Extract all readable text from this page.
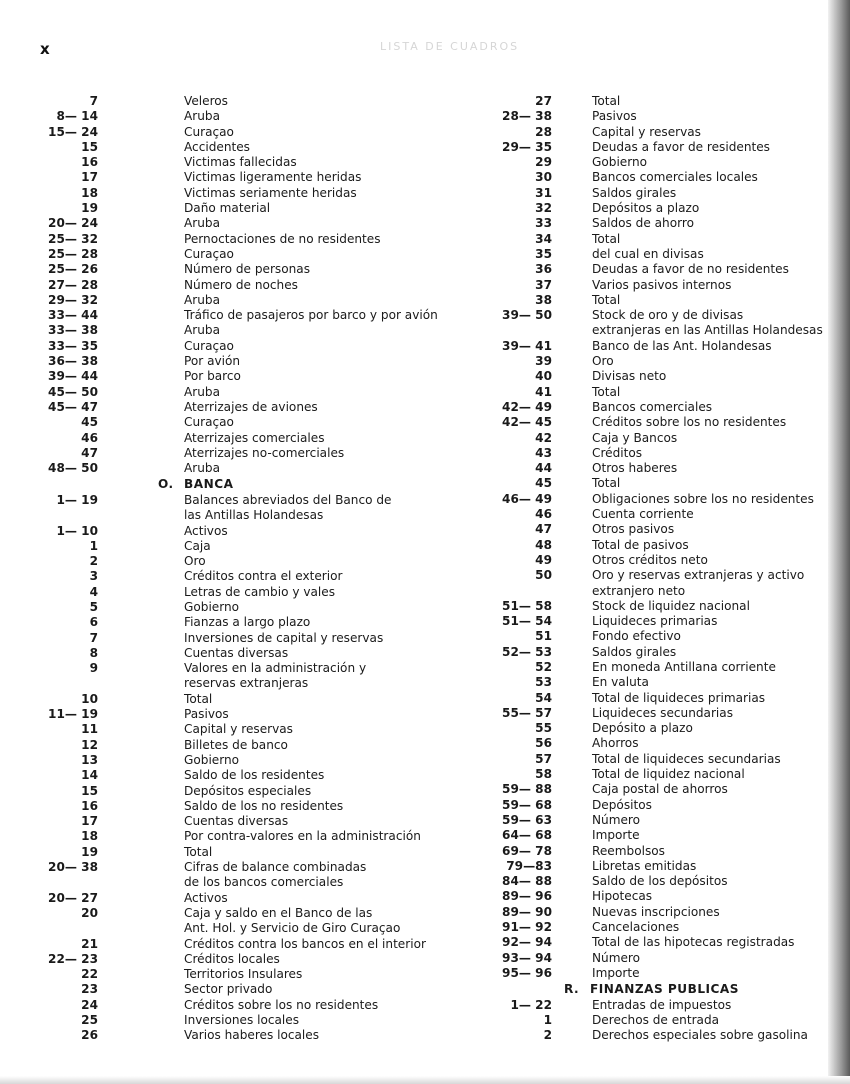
LISTA DE CUADROS
x
7	Veleros
8— 14	Aruba
15— 24	Curaçao
15	Accidentes
16	Victimas fallecidas
17	Victimas ligeramente heridas
18	Victimas seriamente heridas
19	Daño material
20— 24	Aruba
25— 32	Pernoctaciones de no residentes
25— 28	Curaçao
25— 26	Número de personas
27— 28	Número de noches
29— 32	Aruba
33— 44	Tráfico de pasajeros por barco y por avión
33— 38	Aruba
33— 35	Curaçao
36— 38	Por avión
39— 44	Por barco
45— 50	Aruba
45— 47	Aterrizajes de aviones
45	Curaçao
46	Aterrizajes comerciales
47	Aterrizajes no-comerciales
48— 50	Aruba
O. BANCA
1— 19	Balances abreviados del Banco de
las Antillas Holandesas
1— 10	Activos
1	Caja
2	Oro
3	Créditos contra el exterior
4	Letras de cambio y vales
5	Gobierno
6	Fianzas a largo plazo
7	Inversiones de capital y reservas
8	Cuentas diversas
9	Valores en la administración y
reservas extranjeras
10	Total
11— 19	Pasivos
11	Capital y reservas
12	Billetes de banco
13	Gobierno
14	Saldo de los residentes
15	Depósitos especiales
16	Saldo de los no residentes
17	Cuentas diversas
18	Por contra-valores en la administración
19	Total
20— 38	Cifras de balance combinadas
de los bancos comerciales
20— 27	Activos
20	Caja y saldo en el Banco de las
Ant. Hol. y Servicio de Giro Curaçao
21	Créditos contra los bancos en el interior
22— 23	Créditos locales
22	Territorios Insulares
23	Sector privado
24	Créditos sobre los no residentes
25	Inversiones locales
26	Varios haberes locales
27	Total
28— 38	Pasivos
28	Capital y reservas
29— 35	Deudas a favor de residentes
29	Gobierno
30	Bancos comerciales locales
31	Saldos girales
32	Depósitos a plazo
33	Saldos de ahorro
34	Total
35	del cual en divisas
36	Deudas a favor de no residentes
37	Varios pasivos internos
38	Total
39— 50	Stock de oro y de divisas
extranjeras en las Antillas Holandesas
39— 41	Banco de las Ant. Holandesas
39	Oro
40	Divisas neto
41	Total
42— 49	Bancos comerciales
42— 45	Créditos sobre los no residentes
42	Caja y Bancos
43	Créditos
44	Otros haberes
45	Total
46— 49	Obligaciones sobre los no residentes
46	Cuenta corriente
47	Otros pasivos
48	Total de pasivos
49	Otros créditos neto
50	Oro y reservas extranjeras y activo
extranjero neto
51— 58	Stock de liquidez nacional
51— 54	Liquideces primarias
51	Fondo efectivo
52— 53	Saldos girales
52	En moneda Antillana corriente
53	En valuta
54	Total de liquideces primarias
55— 57	Liquideces secundarias
55	Depósito a plazo
56	Ahorros
57	Total de liquideces secundarias
58	Total de liquidez nacional
59— 88	Caja postal de ahorros
59— 68	Depósitos
59— 63	Número
64— 68	Importe
69— 78	Reembolsos
79—83	Libretas emitidas
84— 88	Saldo de los depósitos
89— 96	Hipotecas
89— 90	Nuevas inscripciones
91— 92	Cancelaciones
92— 94	Total de las hipotecas registradas
93— 94	Número
95— 96	Importe
R. FINANZAS PUBLICAS
1— 22	Entradas de impuestos
1	Derechos de entrada
2	Derechos especiales sobre gasolina
